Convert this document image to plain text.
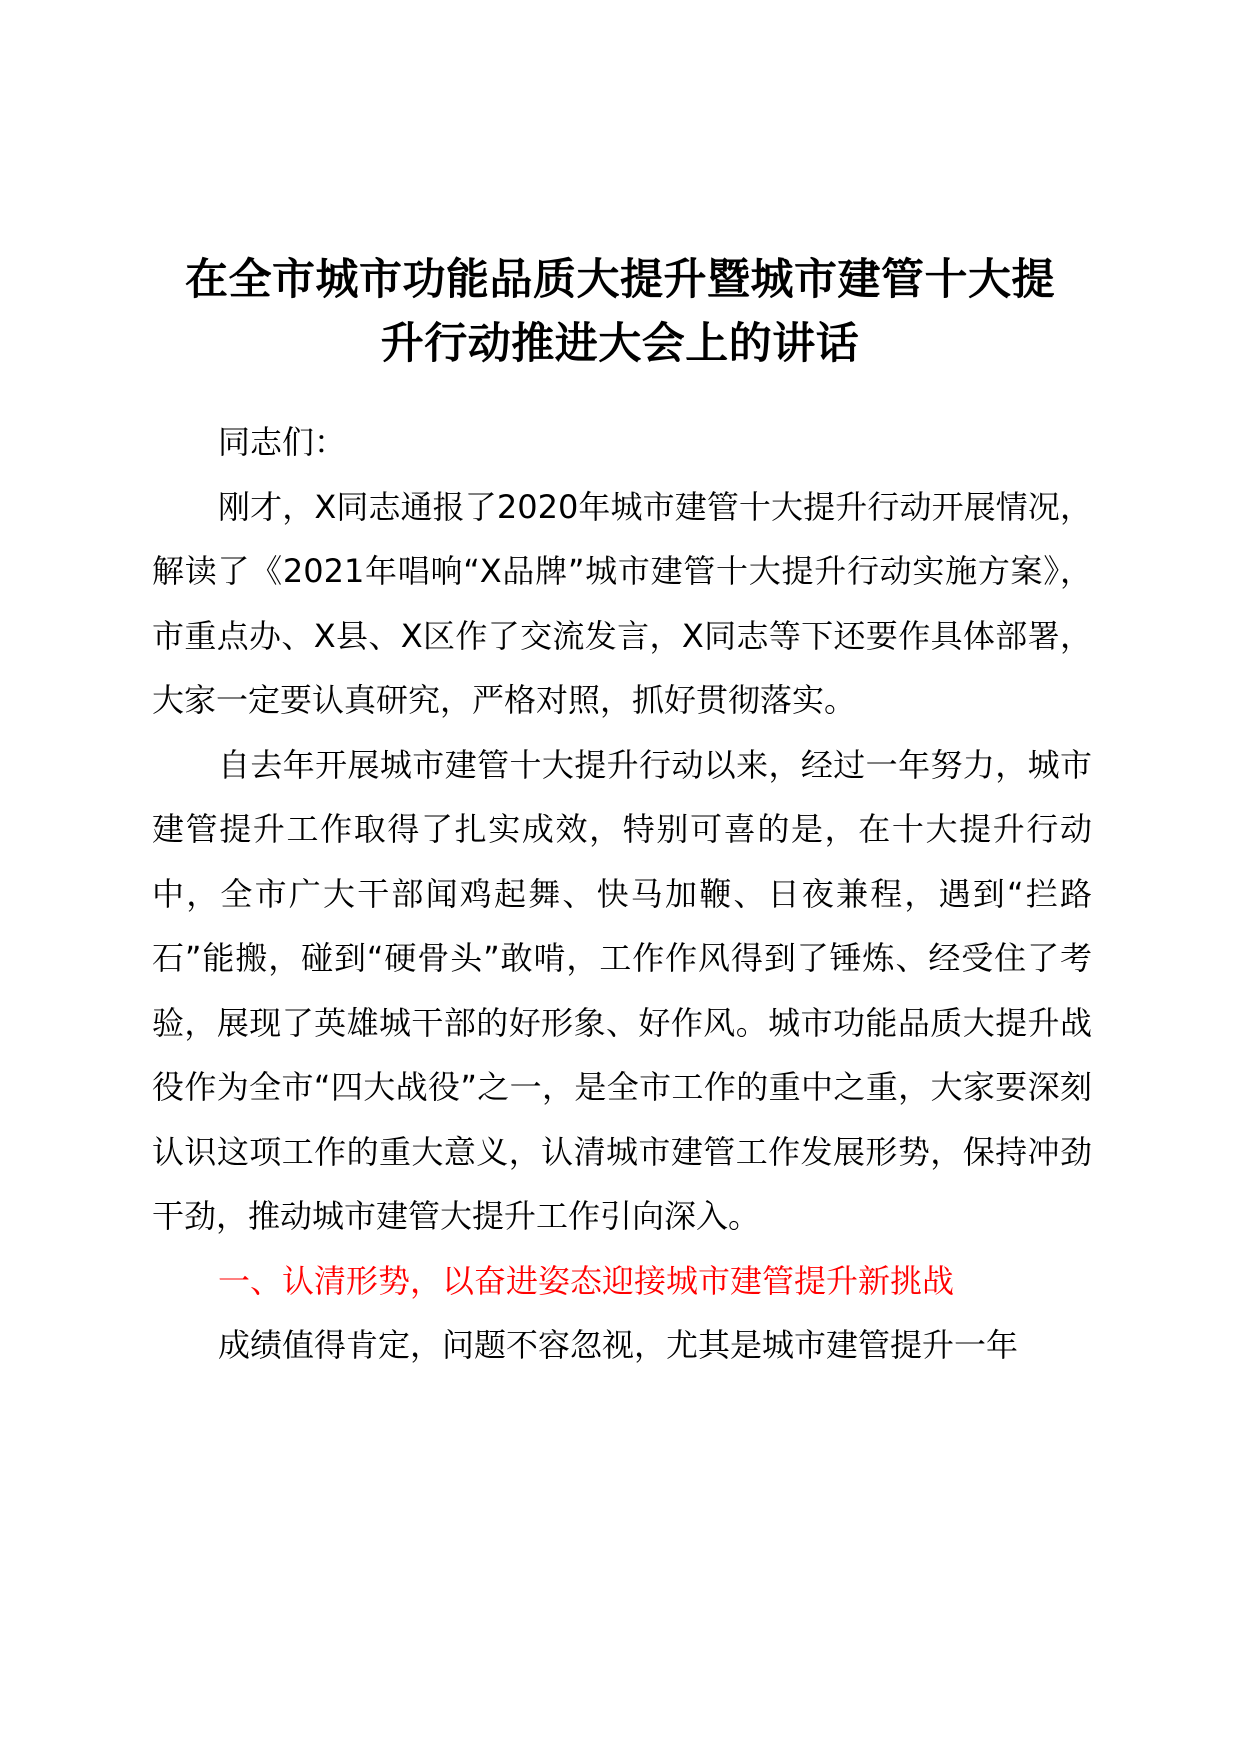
在全市城市功能品质大提升暨城市建管十大提
升行动推进大会上的讲话

同志们：

刚才，X同志通报了2020年城市建管十大提升行动开展情况，解读了《2021年唱响“X品牌”城市建管十大提升行动实施方案》，市重点办、X县、X区作了交流发言，X同志等下还要作具体部署，大家一定要认真研究，严格对照，抓好贯彻落实。

自去年开展城市建管十大提升行动以来，经过一年努力，城市建管提升工作取得了扎实成效，特别可喜的是，在十大提升行动中，全市广大干部闻鸡起舞、快马加鞭、日夜兼程，遇到“拦路石”能搬，碰到“硬骨头”敢啃，工作作风得到了锤炼、经受住了考验，展现了英雄城干部的好形象、好作风。城市功能品质大提升战役作为全市“四大战役”之一，是全市工作的重中之重，大家要深刻认识这项工作的重大意义，认清城市建管工作发展形势，保持冲劲干劲，推动城市建管大提升工作引向深入。

一、认清形势，以奋进姿态迎接城市建管提升新挑战

成绩值得肯定，问题不容忽视，尤其是城市建管提升一年
